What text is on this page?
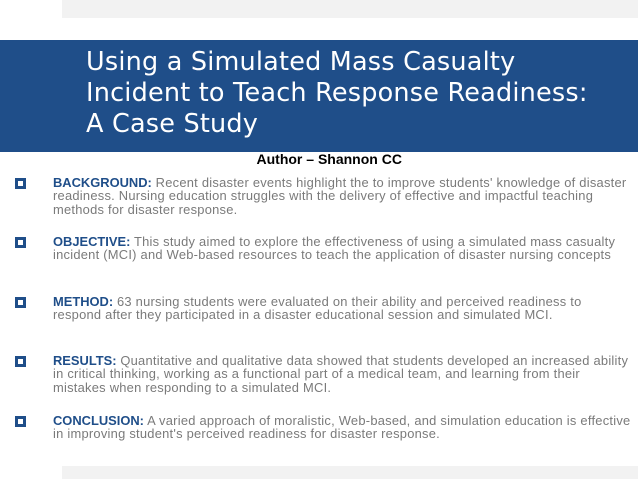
Using a Simulated Mass Casualty Incident to Teach Response Readiness: A Case Study
Author – Shannon CC

BACKGROUND: Recent disaster events highlight the to improve students' knowledge of disaster readiness. Nursing education struggles with the delivery of effective and impactful teaching methods for disaster response.

OBJECTIVE: This study aimed to explore the effectiveness of using a simulated mass casualty incident (MCI) and Web-based resources to teach the application of disaster nursing concepts

METHOD: 63 nursing students were evaluated on their ability and perceived readiness to respond after they participated in a disaster educational session and simulated MCI.

RESULTS: Quantitative and qualitative data showed that students developed an increased ability in critical thinking, working as a functional part of a medical team, and learning from their mistakes when responding to a simulated MCI.

CONCLUSION: A varied approach of moralistic, Web-based, and simulation education is effective in improving student's perceived readiness for disaster response.
